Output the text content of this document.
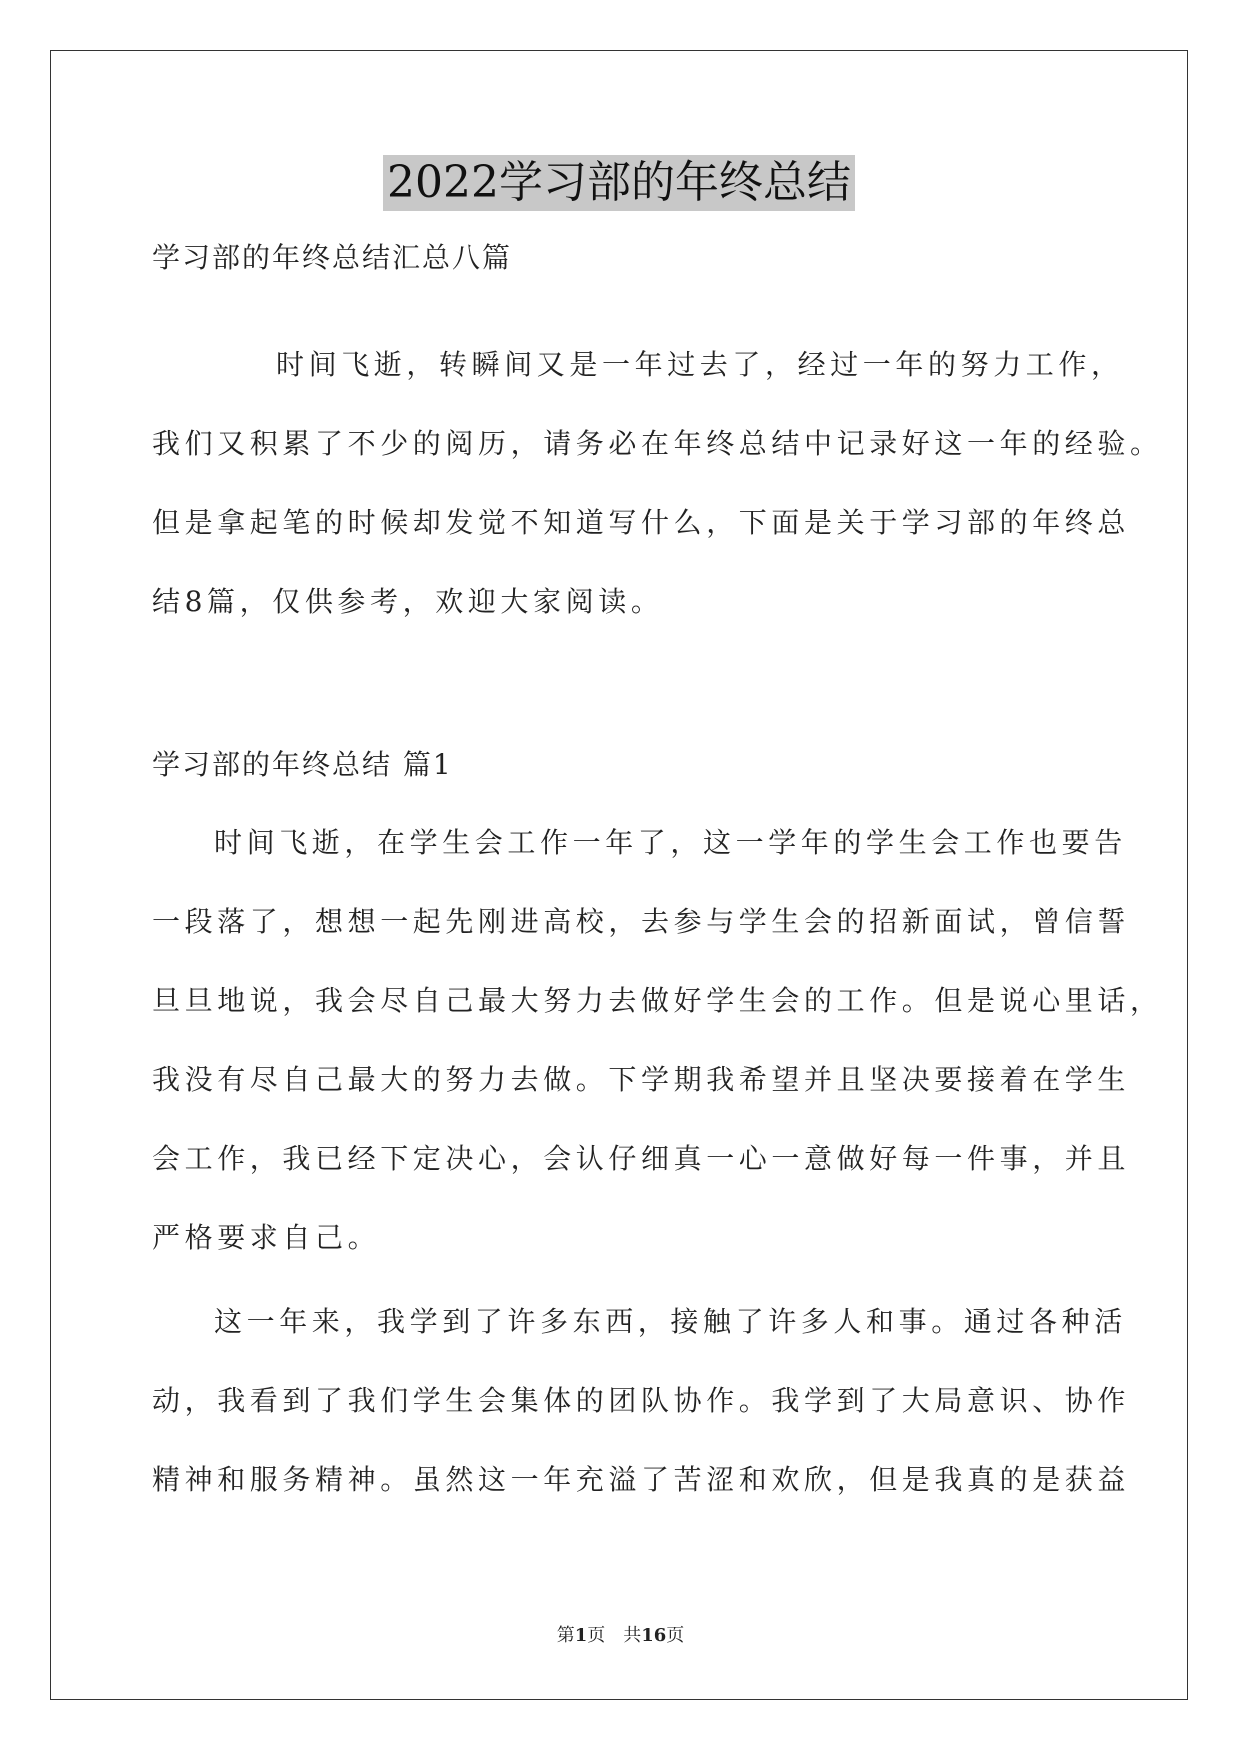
2022学习部的年终总结
学习部的年终总结汇总八篇
时间飞逝，转瞬间又是一年过去了，经过一年的努力工作，
我们又积累了不少的阅历，请务必在年终总结中记录好这一年的经验。
但是拿起笔的时候却发觉不知道写什么，下面是关于学习部的年终总
结8篇，仅供参考，欢迎大家阅读。
学习部的年终总结 篇1
时间飞逝，在学生会工作一年了，这一学年的学生会工作也要告
一段落了，想想一起先刚进高校，去参与学生会的招新面试，曾信誓
旦旦地说，我会尽自己最大努力去做好学生会的工作。但是说心里话，
我没有尽自己最大的努力去做。下学期我希望并且坚决要接着在学生
会工作，我已经下定决心，会认仔细真一心一意做好每一件事，并且
严格要求自己。
这一年来，我学到了许多东西，接触了许多人和事。通过各种活
动，我看到了我们学生会集体的团队协作。我学到了大局意识、协作
精神和服务精神。虽然这一年充溢了苦涩和欢欣，但是我真的是获益
第1页　共16页
